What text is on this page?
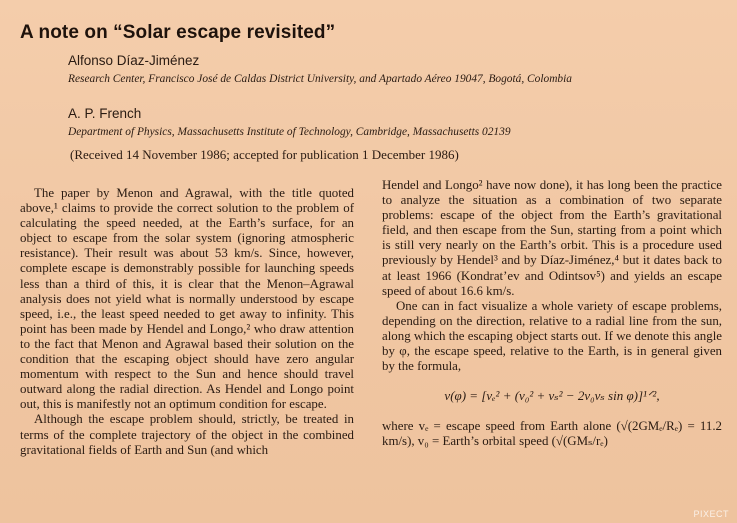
A note on “Solar escape revisited”
Alfonso Díaz-Jiménez
Research Center, Francisco José de Caldas District University, and Apartado Aéreo 19047, Bogotá, Colombia
A. P. French
Department of Physics, Massachusetts Institute of Technology, Cambridge, Massachusetts 02139
(Received 14 November 1986; accepted for publication 1 December 1986)

The paper by Menon and Agrawal, with the title quoted above,¹ claims to provide the correct solution to the problem of calculating the speed needed, at the Earth’s surface, for an object to escape from the solar system (ignoring atmospheric resistance). Their result was about 53 km/s. Since, however, complete escape is demonstrably possible for launching speeds less than a third of this, it is clear that the Menon–Agrawal analysis does not yield what is normally understood by escape speed, i.e., the least speed needed to get away to infinity. This point has been made by Hendel and Longo,² who draw attention to the fact that Menon and Agrawal based their solution on the condition that the escaping object should have zero angular momentum with respect to the Sun and hence should travel outward along the radial direction. As Hendel and Longo point out, this is manifestly not an optimum condition for escape.

Although the escape problem should, strictly, be treated in terms of the complete trajectory of the object in the combined gravitational fields of Earth and Sun (and which

Hendel and Longo² have now done), it has long been the practice to analyze the situation as a combination of two separate problems: escape of the object from the Earth’s gravitational field, and then escape from the Sun, starting from a point which is still very nearly on the Earth’s orbit. This is a procedure used previously by Hendel³ and by Díaz-Jiménez,⁴ but it dates back to at least 1966 (Kondrat’ev and Odintsov⁵) and yields an escape speed of about 16.6 km/s.

One can in fact visualize a whole variety of escape problems, depending on the direction, relative to a radial line from the sun, along which the escaping object starts out. If we denote this angle by φ, the escape speed, relative to the Earth, is in general given by the formula,

v(φ) = [vₑ² + (v₀² + vₛ² − 2v₀vₛ sin φ)]¹ᐟ²,

where vₑ = escape speed from Earth alone (√(2GMₑ/Rₑ) = 11.2 km/s), v₀ = Earth’s orbital speed (√(GMₛ/rₑ)

PIXECT
